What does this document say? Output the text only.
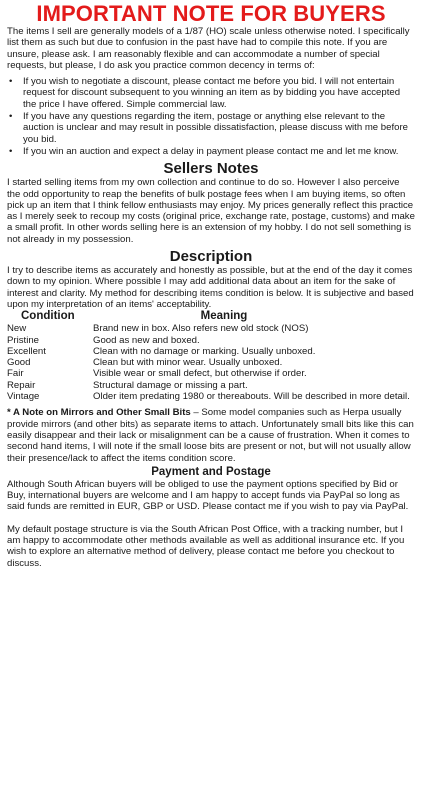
IMPORTANT NOTE FOR BUYERS

The items I sell are generally models of a 1/87 (HO) scale unless otherwise noted. I specifically list them as such but due to confusion in the past have had to compile this note. If you are unsure, please ask. I am reasonably flexible and can accommodate a number of special requests, but please, I do ask you practice common decency in terms of:

• If you wish to negotiate a discount, please contact me before you bid. I will not entertain request for discount subsequent to you winning an item as by bidding you have accepted the price I have offered. Simple commercial law.
• If you have any questions regarding the item, postage or anything else relevant to the auction is unclear and may result in possible dissatisfaction, please discuss with me before you bid.
• If you win an auction and expect a delay in payment please contact me and let me know.
Sellers Notes

I started selling items from my own collection and continue to do so. However I also perceive the odd opportunity to reap the benefits of bulk postage fees when I am buying items, so often pick up an item that I think fellow enthusiasts may enjoy. My prices generally reflect this practice as I merely seek to recoup my costs (original price, exchange rate, postage, customs) and make a small profit. In other words selling here is an extension of my hobby. I do not sell something is not already in my possession.

Description

I try to describe items as accurately and honestly as possible, but at the end of the day it comes down to my opinion. Where possible I may add additional data about an item for the sake of interest and clarity. My method for describing items condition is below. It is subjective and based upon my interpretation of an items' acceptability.

Condition	Meaning
New	Brand new in box. Also refers new old stock (NOS)
Pristine	Good as new and boxed.
Excellent	Clean with no damage or marking. Usually unboxed.
Good	Clean but with minor wear. Usually unboxed.
Fair	Visible wear or small defect, but otherwise if order.
Repair	Structural damage or missing a part.
Vintage	Older item predating 1980 or thereabouts. Will be described in more detail.

* A Note on Mirrors and Other Small Bits – Some model companies such as Herpa usually provide mirrors (and other bits) as separate items to attach. Unfortunately small bits like this can easily disappear and their lack or misalignment can be a cause of frustration. When it comes to second hand items, I will note if the small loose bits are present or not, but will not usually allow their presence/lack to affect the items condition score.

Payment and Postage

Although South African buyers will be obliged to use the payment options specified by Bid or Buy, international buyers are welcome and I am happy to accept funds via PayPal so long as said funds are remitted in EUR, GBP or USD. Please contact me if you wish to pay via PayPal.

My default postage structure is via the South African Post Office, with a tracking number, but I am happy to accommodate other methods available as well as additional insurance etc. If you wish to explore an alternative method of delivery, please contact me before you checkout to discuss.
